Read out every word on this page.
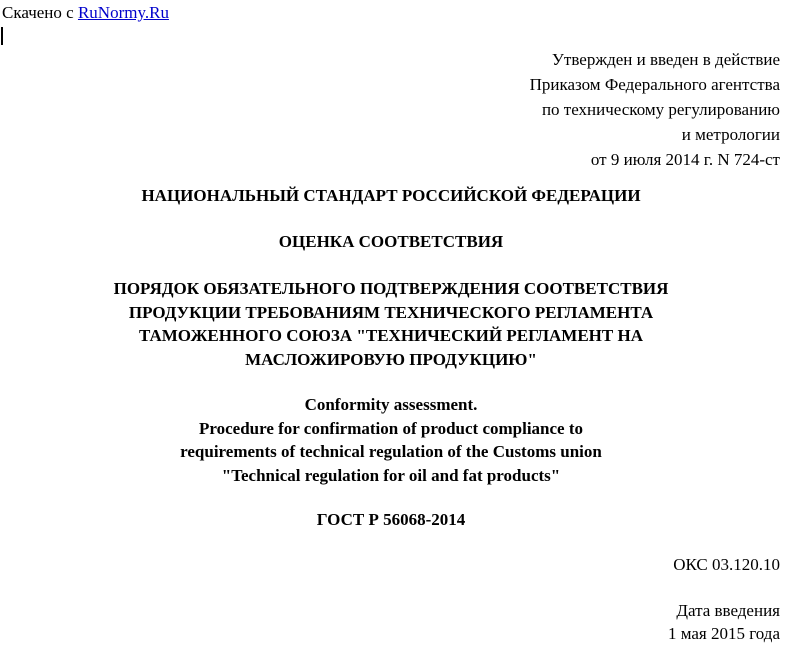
Скачено с RuNormy.Ru
Утвержден и введен в действие
Приказом Федерального агентства
по техническому регулированию
и метрологии
от 9 июля 2014 г. N 724-ст
НАЦИОНАЛЬНЫЙ СТАНДАРТ РОССИЙСКОЙ ФЕДЕРАЦИИ
ОЦЕНКА СООТВЕТСТВИЯ
ПОРЯДОК ОБЯЗАТЕЛЬНОГО ПОДТВЕРЖДЕНИЯ СООТВЕТСТВИЯ
ПРОДУКЦИИ ТРЕБОВАНИЯМ ТЕХНИЧЕСКОГО РЕГЛАМЕНТА
ТАМОЖЕННОГО СОЮЗА "ТЕХНИЧЕСКИЙ РЕГЛАМЕНТ НА
МАСЛОЖИРОВУЮ ПРОДУКЦИЮ"
Conformity assessment.
Procedure for confirmation of product compliance to
requirements of technical regulation of the Customs union
"Technical regulation for oil and fat products"
ГОСТ Р 56068-2014
ОКС 03.120.10
Дата введения
1 мая 2015 года
